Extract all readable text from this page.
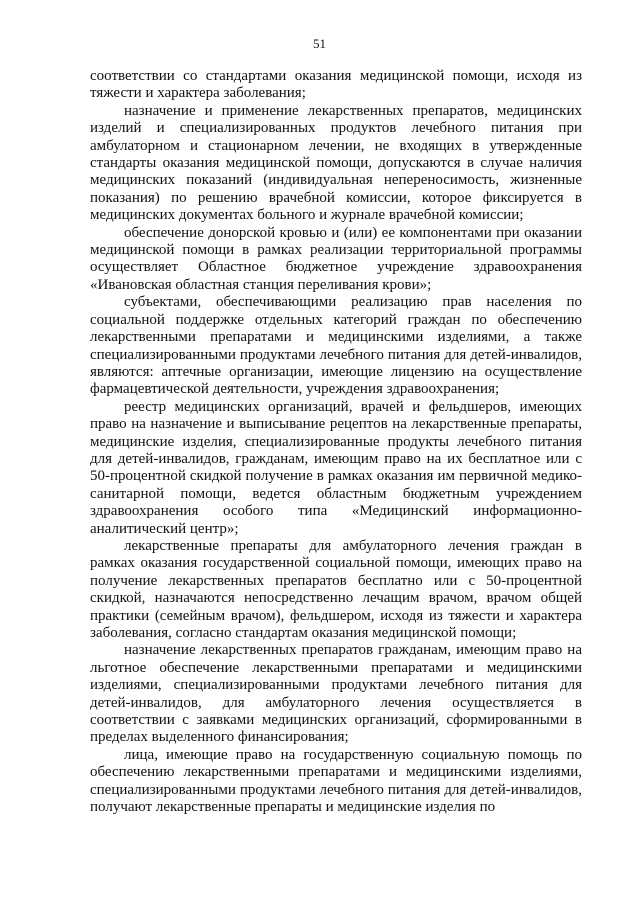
51

соответствии со стандартами оказания медицинской помощи, исходя из тяжести и характера заболевания;

назначение и применение лекарственных препаратов, медицинских изделий и специализированных продуктов лечебного питания при амбулаторном и стационарном лечении, не входящих в утвержденные стандарты оказания медицинской помощи, допускаются в случае наличия медицинских показаний (индивидуальная непереносимость, жизненные показания) по решению врачебной комиссии, которое фиксируется в медицинских документах больного и журнале врачебной комиссии;

обеспечение донорской кровью и (или) ее компонентами при оказании медицинской помощи в рамках реализации территориальной программы осуществляет Областное бюджетное учреждение здравоохранения «Ивановская областная станция переливания крови»;

субъектами, обеспечивающими реализацию прав населения по социальной поддержке отдельных категорий граждан по обеспечению лекарственными препаратами и медицинскими изделиями, а также специализированными продуктами лечебного питания для детей-инвалидов, являются: аптечные организации, имеющие лицензию на осуществление фармацевтической деятельности, учреждения здравоохранения;

реестр медицинских организаций, врачей и фельдшеров, имеющих право на назначение и выписывание рецептов на лекарственные препараты, медицинские изделия, специализированные продукты лечебного питания для детей-инвалидов, гражданам, имеющим право на их бесплатное или с 50-процентной скидкой получение в рамках оказания им первичной медико-санитарной помощи, ведется областным бюджетным учреждением здравоохранения особого типа «Медицинский информационно-аналитический центр»;

лекарственные препараты для амбулаторного лечения граждан в рамках оказания государственной социальной помощи, имеющих право на получение лекарственных препаратов бесплатно или с 50-процентной скидкой, назначаются непосредственно лечащим врачом, врачом общей практики (семейным врачом), фельдшером, исходя из тяжести и характера заболевания, согласно стандартам оказания медицинской помощи;

назначение лекарственных препаратов гражданам, имеющим право на льготное обеспечение лекарственными препаратами и медицинскими изделиями, специализированными продуктами лечебного питания для детей-инвалидов, для амбулаторного лечения осуществляется в соответствии с заявками медицинских организаций, сформированными в пределах выделенного финансирования;

лица, имеющие право на государственную социальную помощь по обеспечению лекарственными препаратами и медицинскими изделиями, специализированными продуктами лечебного питания для детей-инвалидов, получают лекарственные препараты и медицинские изделия по
